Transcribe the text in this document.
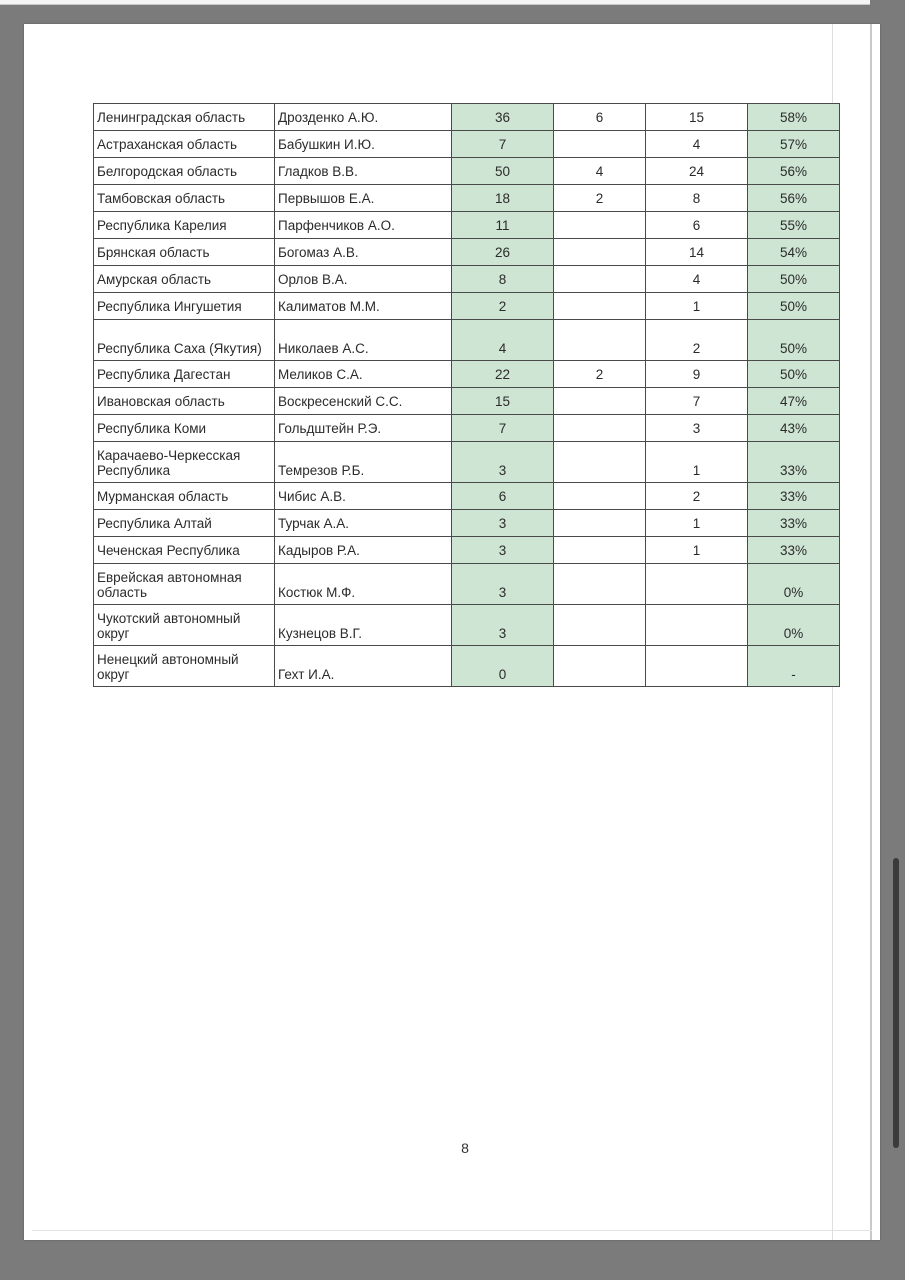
Ленинградская область	Дрозденко А.Ю.	36	6	15	58%
Астраханская область	Бабушкин И.Ю.	7		4	57%
Белгородская область	Гладков В.В.	50	4	24	56%
Тамбовская область	Первышов Е.А.	18	2	8	56%
Республика Карелия	Парфенчиков А.О.	11		6	55%
Брянская область	Богомаз А.В.	26		14	54%
Амурская область	Орлов В.А.	8		4	50%
Республика Ингушетия	Калиматов М.М.	2		1	50%
Республика Саха (Якутия)	Николаев А.С.	4		2	50%
Республика Дагестан	Меликов С.А.	22	2	9	50%
Ивановская область	Воскресенский С.С.	15		7	47%
Республика Коми	Гольдштейн Р.Э.	7		3	43%
Карачаево-Черкесская Республика	Темрезов Р.Б.	3		1	33%
Мурманская область	Чибис А.В.	6		2	33%
Республика Алтай	Турчак А.А.	3		1	33%
Чеченская Республика	Кадыров Р.А.	3		1	33%
Еврейская автономная область	Костюк М.Ф.	3			0%
Чукотский автономный округ	Кузнецов В.Г.	3			0%
Ненецкий автономный округ	Гехт И.А.	0			-
8
